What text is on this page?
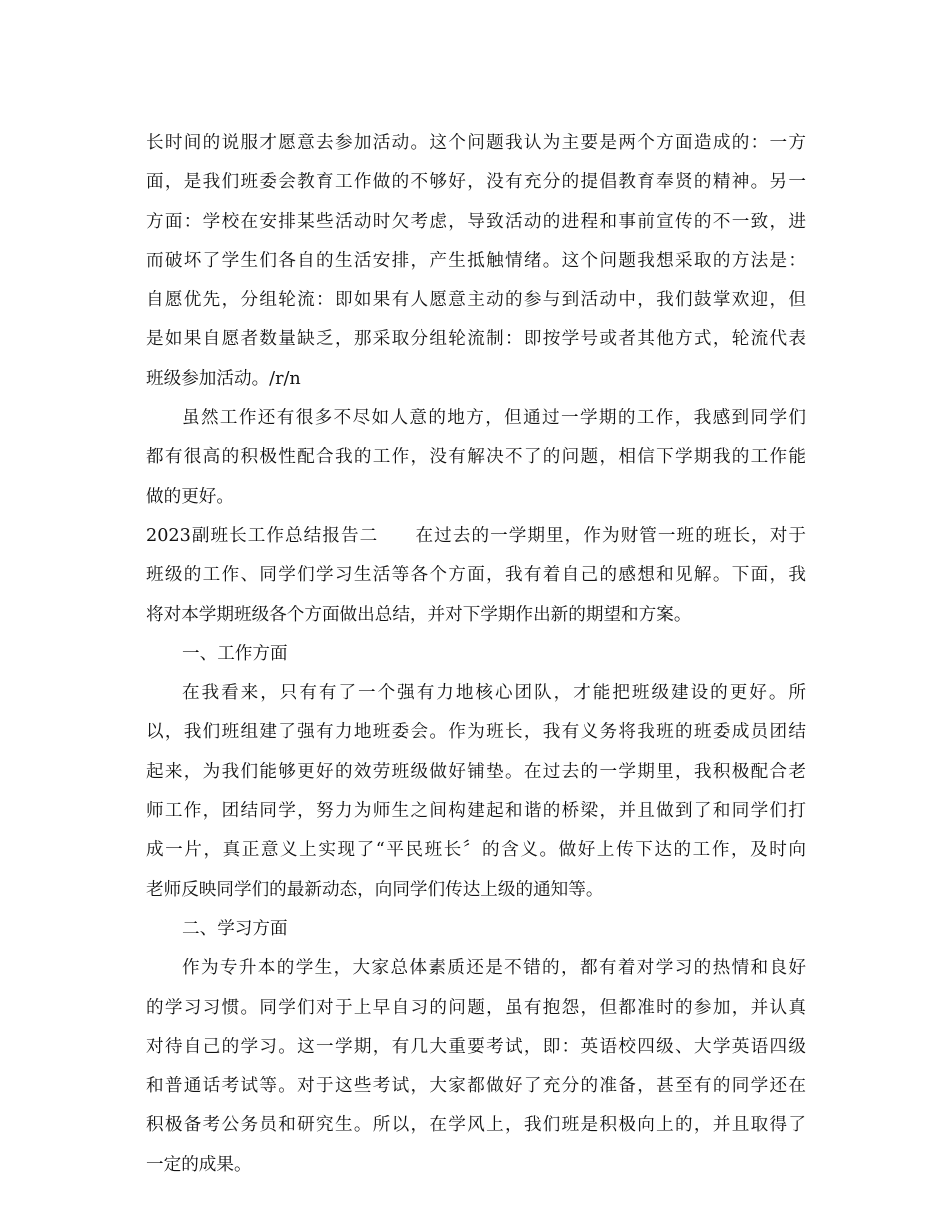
长时间的说服才愿意去参加活动。这个问题我认为主要是两个方面造成的：一方
面，是我们班委会教育工作做的不够好，没有充分的提倡教育奉贤的精神。另一
方面：学校在安排某些活动时欠考虑，导致活动的进程和事前宣传的不一致，进
而破坏了学生们各自的生活安排，产生抵触情绪。这个问题我想采取的方法是：
自愿优先，分组轮流：即如果有人愿意主动的参与到活动中，我们鼓掌欢迎，但
是如果自愿者数量缺乏，那采取分组轮流制：即按学号或者其他方式，轮流代表
班级参加活动。/r/n
虽然工作还有很多不尽如人意的地方，但通过一学期的工作，我感到同学们
都有很高的积极性配合我的工作，没有解决不了的问题，相信下学期我的工作能
做的更好。
2023副班长工作总结报告二　　在过去的一学期里，作为财管一班的班长，对于
班级的工作、同学们学习生活等各个方面，我有着自己的感想和见解。下面，我
将对本学期班级各个方面做出总结，并对下学期作出新的期望和方案。
一、工作方面
在我看来，只有有了一个强有力地核心团队，才能把班级建设的更好。所
以，我们班组建了强有力地班委会。作为班长，我有义务将我班的班委成员团结
起来，为我们能够更好的效劳班级做好铺垫。在过去的一学期里，我积极配合老
师工作，团结同学，努力为师生之间构建起和谐的桥梁，并且做到了和同学们打
成一片，真正意义上实现了“平民班长〞的含义。做好上传下达的工作，及时向
老师反映同学们的最新动态，向同学们传达上级的通知等。
二、学习方面
作为专升本的学生，大家总体素质还是不错的，都有着对学习的热情和良好
的学习习惯。同学们对于上早自习的问题，虽有抱怨，但都准时的参加，并认真
对待自己的学习。这一学期，有几大重要考试，即：英语校四级、大学英语四级
和普通话考试等。对于这些考试，大家都做好了充分的准备，甚至有的同学还在
积极备考公务员和研究生。所以，在学风上，我们班是积极向上的，并且取得了
一定的成果。
